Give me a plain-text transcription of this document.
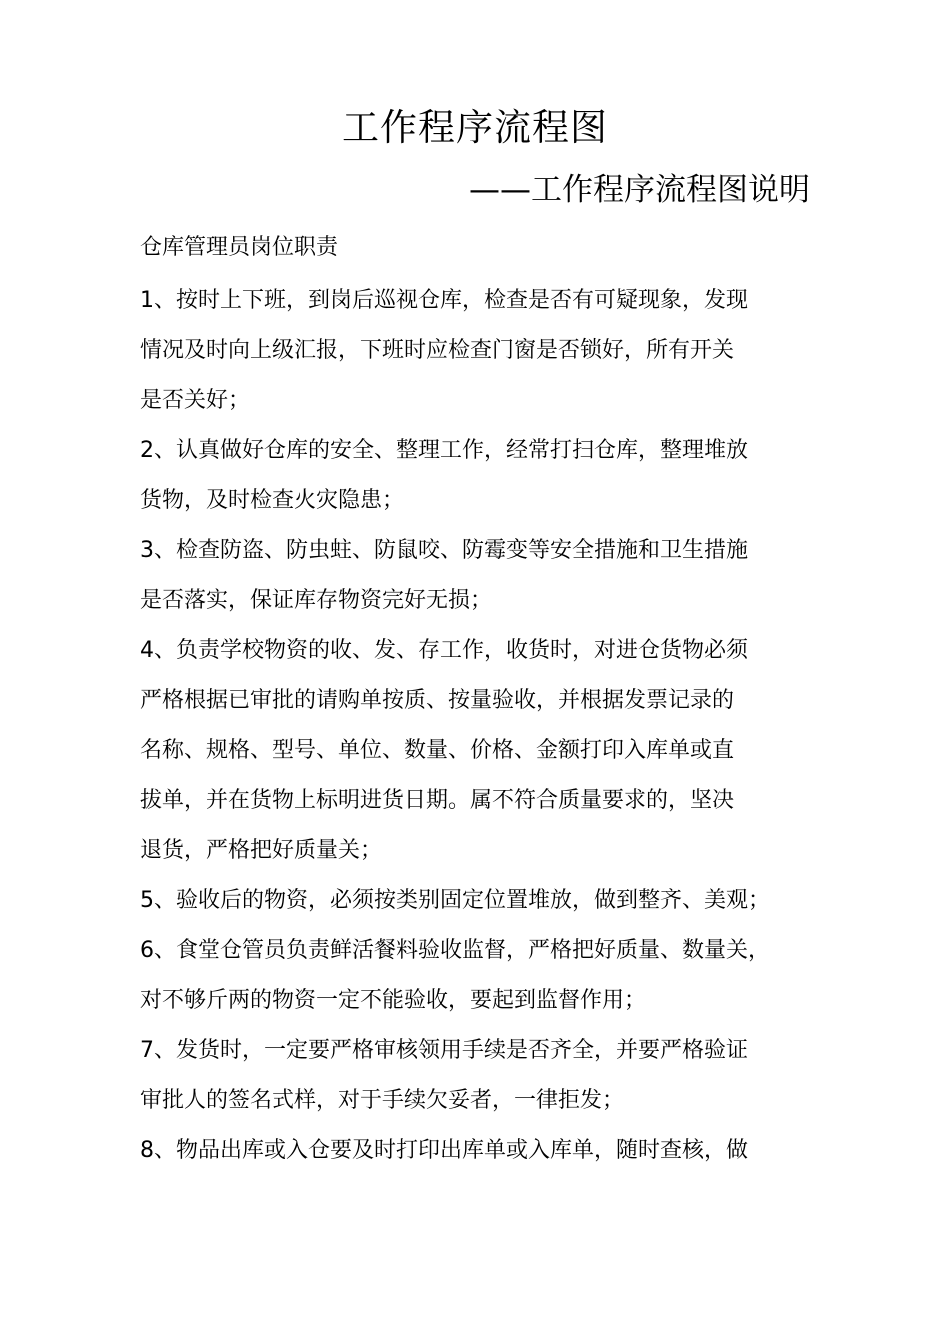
工作程序流程图
——工作程序流程图说明
仓库管理员岗位职责
1、按时上下班，到岗后巡视仓库，检查是否有可疑现象，发现
情况及时向上级汇报，下班时应检查门窗是否锁好，所有开关
是否关好；
2、认真做好仓库的安全、整理工作，经常打扫仓库，整理堆放
货物，及时检查火灾隐患；
3、检查防盗、防虫蛀、防鼠咬、防霉变等安全措施和卫生措施
是否落实，保证库存物资完好无损；
4、负责学校物资的收、发、存工作，收货时，对进仓货物必须
严格根据已审批的请购单按质、按量验收，并根据发票记录的
名称、规格、型号、单位、数量、价格、金额打印入库单或直
拔单，并在货物上标明进货日期。属不符合质量要求的，坚决
退货，严格把好质量关；
5、验收后的物资，必须按类别固定位置堆放，做到整齐、美观；
6、食堂仓管员负责鲜活餐料验收监督，严格把好质量、数量关，
对不够斤两的物资一定不能验收，要起到监督作用；
7、发货时，一定要严格审核领用手续是否齐全，并要严格验证
审批人的签名式样，对于手续欠妥者，一律拒发；
8、物品出库或入仓要及时打印出库单或入库单，随时查核，做
